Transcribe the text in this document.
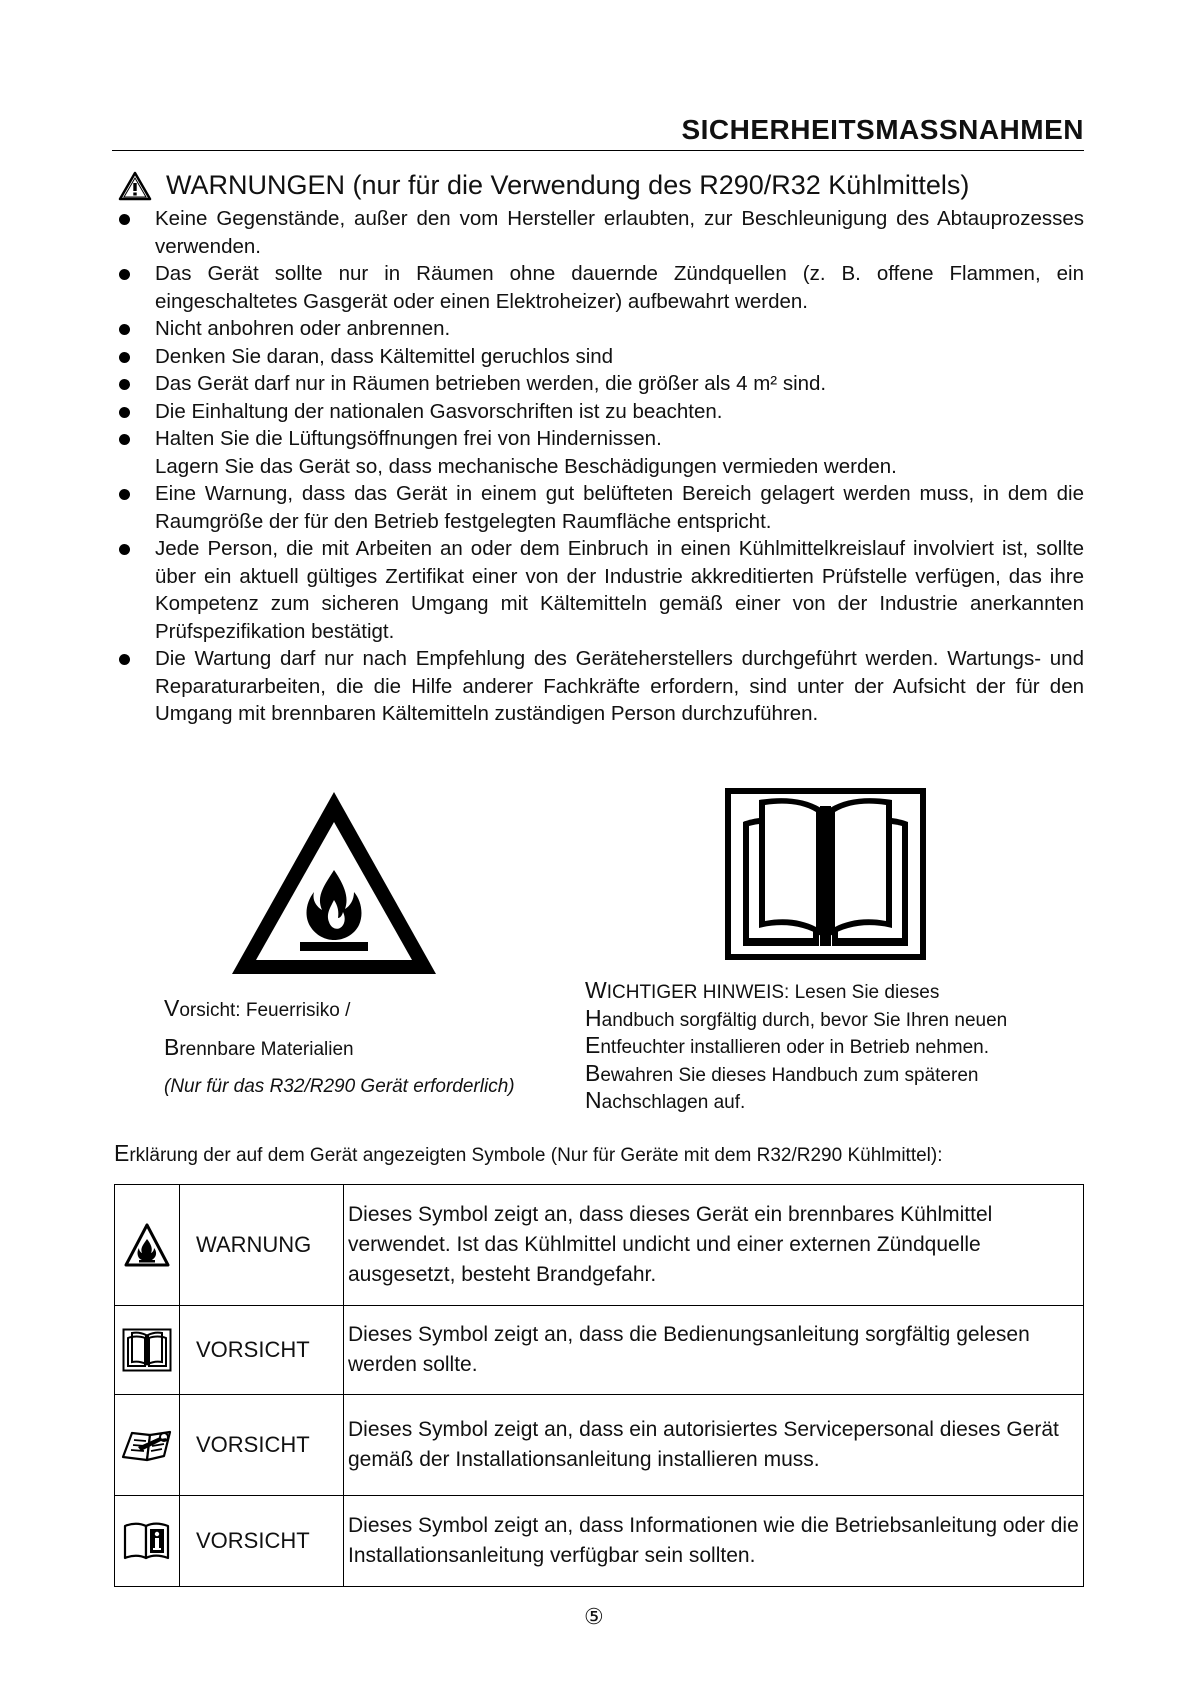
SICHERHEITSMASSNAHMEN
WARNUNGEN (nur für die Verwendung des R290/R32 Kühlmittels)
Keine Gegenstände, außer den vom Hersteller erlaubten, zur Beschleunigung des Abtauprozesses verwenden.
Das Gerät sollte nur in Räumen ohne dauernde Zündquellen (z. B. offene Flammen, ein eingeschaltetes Gasgerät oder einen Elektroheizer) aufbewahrt werden.
Nicht anbohren oder anbrennen.
Denken Sie daran, dass Kältemittel geruchlos sind
Das Gerät darf nur in Räumen betrieben werden, die größer als 4 m² sind.
Die Einhaltung der nationalen Gasvorschriften ist zu beachten.
Halten Sie die Lüftungsöffnungen frei von Hindernissen.
Lagern Sie das Gerät so, dass mechanische Beschädigungen vermieden werden.
Eine Warnung, dass das Gerät in einem gut belüfteten Bereich gelagert werden muss, in dem die Raumgröße der für den Betrieb festgelegten Raumfläche entspricht.
Jede Person, die mit Arbeiten an oder dem Einbruch in einen Kühlmittelkreislauf involviert ist, sollte über ein aktuell gültiges Zertifikat einer von der Industrie akkreditierten Prüfstelle verfügen, das ihre Kompetenz zum sicheren Umgang mit Kältemitteln gemäß einer von der Industrie anerkannten Prüfspezifikation bestätigt.
Die Wartung darf nur nach Empfehlung des Geräteherstellers durchgeführt werden. Wartungs- und Reparaturarbeiten, die die Hilfe anderer Fachkräfte erfordern, sind unter der Aufsicht der für den Umgang mit brennbaren Kältemitteln zuständigen Person durchzuführen.
Vorsicht: Feuerrisiko /
Brennbare Materialien
(Nur für das R32/R290 Gerät erforderlich)
WICHTIGER HINWEIS: Lesen Sie dieses
Handbuch sorgfältig durch, bevor Sie Ihren neuen
Entfeuchter installieren oder in Betrieb nehmen.
Bewahren Sie dieses Handbuch zum späteren
Nachschlagen auf.
Erklärung der auf dem Gerät angezeigten Symbole (Nur für Geräte mit dem R32/R290 Kühlmittel):
	WARNUNG	Dieses Symbol zeigt an, dass dieses Gerät ein brennbares Kühlmittel verwendet. Ist das Kühlmittel undicht und einer externen Zündquelle ausgesetzt, besteht Brandgefahr.

	VORSICHT	Dieses Symbol zeigt an, dass die Bedienungsanleitung sorgfältig gelesen werden sollte.

	VORSICHT	Dieses Symbol zeigt an, dass ein autorisiertes Servicepersonal dieses Gerät gemäß der Installationsanleitung installieren muss.

	VORSICHT	Dieses Symbol zeigt an, dass Informationen wie die Betriebsanleitung oder die Installationsanleitung verfügbar sein sollten.
⑤
